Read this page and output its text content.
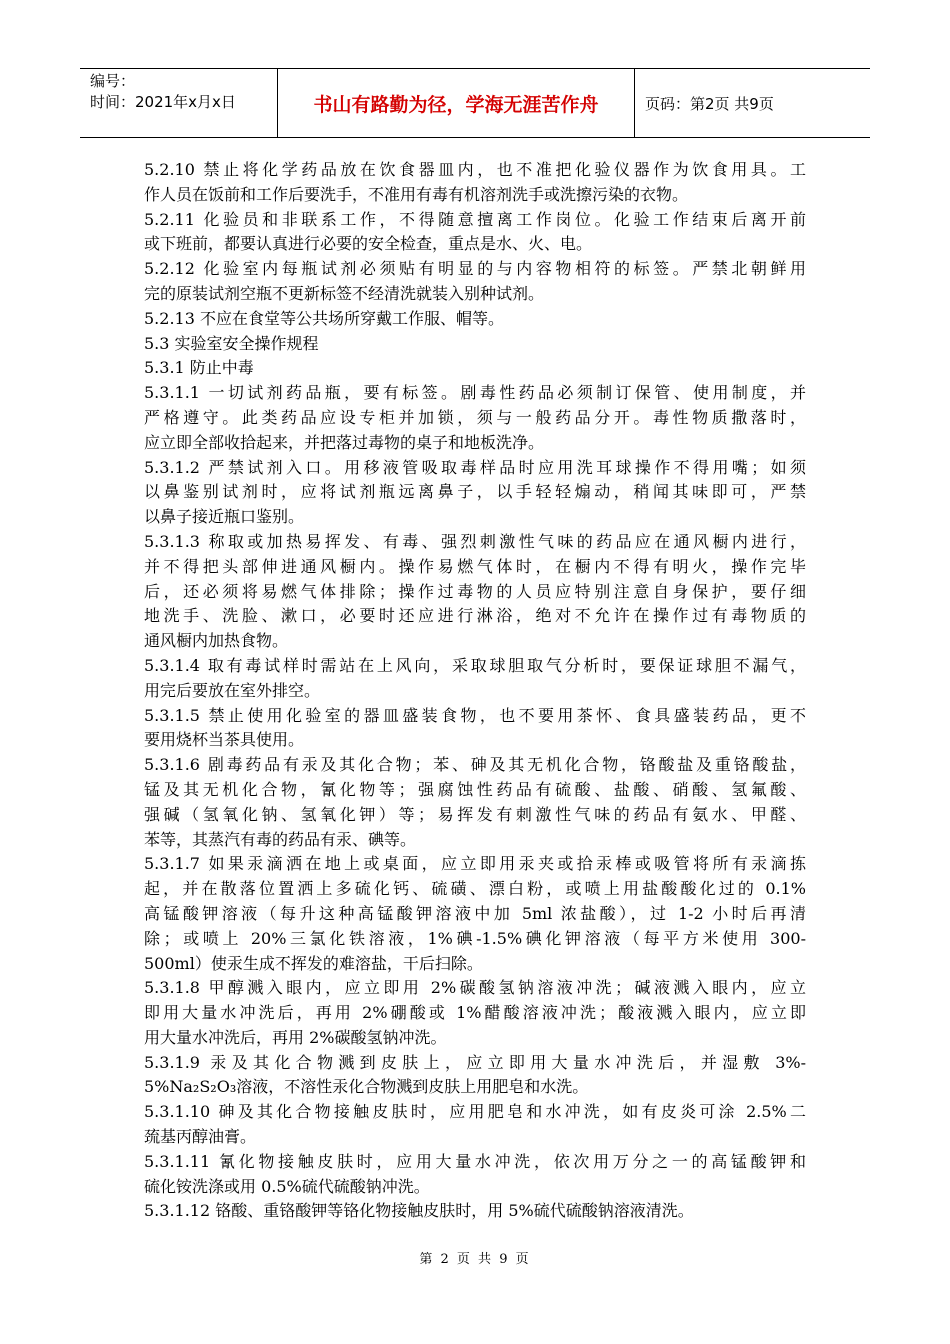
编号：
时间：2021年x月x日	书山有路勤为径，学海无涯苦作舟	页码：第2页 共9页
5.2.10 禁止将化学药品放在饮食器皿内，也不准把化验仪器作为饮食用具。工
作人员在饭前和工作后要洗手，不准用有毒有机溶剂洗手或洗擦污染的衣物。
5.2.11 化验员和非联系工作，不得随意擅离工作岗位。化验工作结束后离开前
或下班前，都要认真进行必要的安全检查，重点是水、火、电。
5.2.12 化验室内每瓶试剂必须贴有明显的与内容物相符的标签。严禁北朝鲜用
完的原装试剂空瓶不更新标签不经清洗就装入别种试剂。
5.2.13 不应在食堂等公共场所穿戴工作服、帽等。
5.3 实验室安全操作规程
5.3.1 防止中毒
5.3.1.1 一切试剂药品瓶，要有标签。剧毒性药品必须制订保管、使用制度，并
严格遵守。此类药品应设专柜并加锁，须与一般药品分开。毒性物质撒落时，
应立即全部收拾起来，并把落过毒物的桌子和地板洗净。
5.3.1.2 严禁试剂入口。用移液管吸取毒样品时应用洗耳球操作不得用嘴；如须
以鼻鉴别试剂时，应将试剂瓶远离鼻子，以手轻轻煽动，稍闻其味即可，严禁
以鼻子接近瓶口鉴别。
5.3.1.3 称取或加热易挥发、有毒、强烈刺激性气味的药品应在通风橱内进行，
并不得把头部伸进通风橱内。操作易燃气体时，在橱内不得有明火，操作完毕
后，还必须将易燃气体排除；操作过毒物的人员应特别注意自身保护，要仔细
地洗手、洗脸、漱口，必要时还应进行淋浴，绝对不允许在操作过有毒物质的
通风橱内加热食物。
5.3.1.4 取有毒试样时需站在上风向，采取球胆取气分析时，要保证球胆不漏气，
用完后要放在室外排空。
5.3.1.5 禁止使用化验室的器皿盛装食物，也不要用茶怀、食具盛装药品，更不
要用烧杯当茶具使用。
5.3.1.6 剧毒药品有汞及其化合物；苯、砷及其无机化合物，铬酸盐及重铬酸盐，
锰及其无机化合物，氰化物等；强腐蚀性药品有硫酸、盐酸、硝酸、氢氟酸、
强碱（氢氧化钠、氢氧化钾）等；易挥发有刺激性气味的药品有氨水、甲醛、
苯等，其蒸汽有毒的药品有汞、碘等。
5.3.1.7 如果汞滴洒在地上或桌面，应立即用汞夹或拾汞棒或吸管将所有汞滴拣
起，并在散落位置洒上多硫化钙、硫磺、漂白粉，或喷上用盐酸酸化过的 0.1%
高锰酸钾溶液（每升这种高锰酸钾溶液中加 5ml 浓盐酸），过 1-2 小时后再清
除；或喷上 20%三氯化铁溶液，1%碘-1.5%碘化钾溶液（每平方米使用 300-
500ml）使汞生成不挥发的难溶盐，干后扫除。
5.3.1.8 甲醇溅入眼内，应立即用 2%碳酸氢钠溶液冲洗；碱液溅入眼内，应立
即用大量水冲洗后，再用 2%硼酸或 1%醋酸溶液冲洗；酸液溅入眼内，应立即
用大量水冲洗后，再用 2%碳酸氢钠冲洗。
5.3.1.9 汞及其化合物溅到皮肤上，应立即用大量水冲洗后，并湿敷 3%-
5%Na₂S₂O₃溶液，不溶性汞化合物溅到皮肤上用肥皂和水洗。
5.3.1.10 砷及其化合物接触皮肤时，应用肥皂和水冲洗，如有皮炎可涂 2.5%二
巯基丙醇油膏。
5.3.1.11 氰化物接触皮肤时，应用大量水冲洗，依次用万分之一的高锰酸钾和
硫化铵洗涤或用 0.5%硫代硫酸钠冲洗。
5.3.1.12 铬酸、重铬酸钾等铬化物接触皮肤时，用 5%硫代硫酸钠溶液清洗。
第 2 页 共 9 页
